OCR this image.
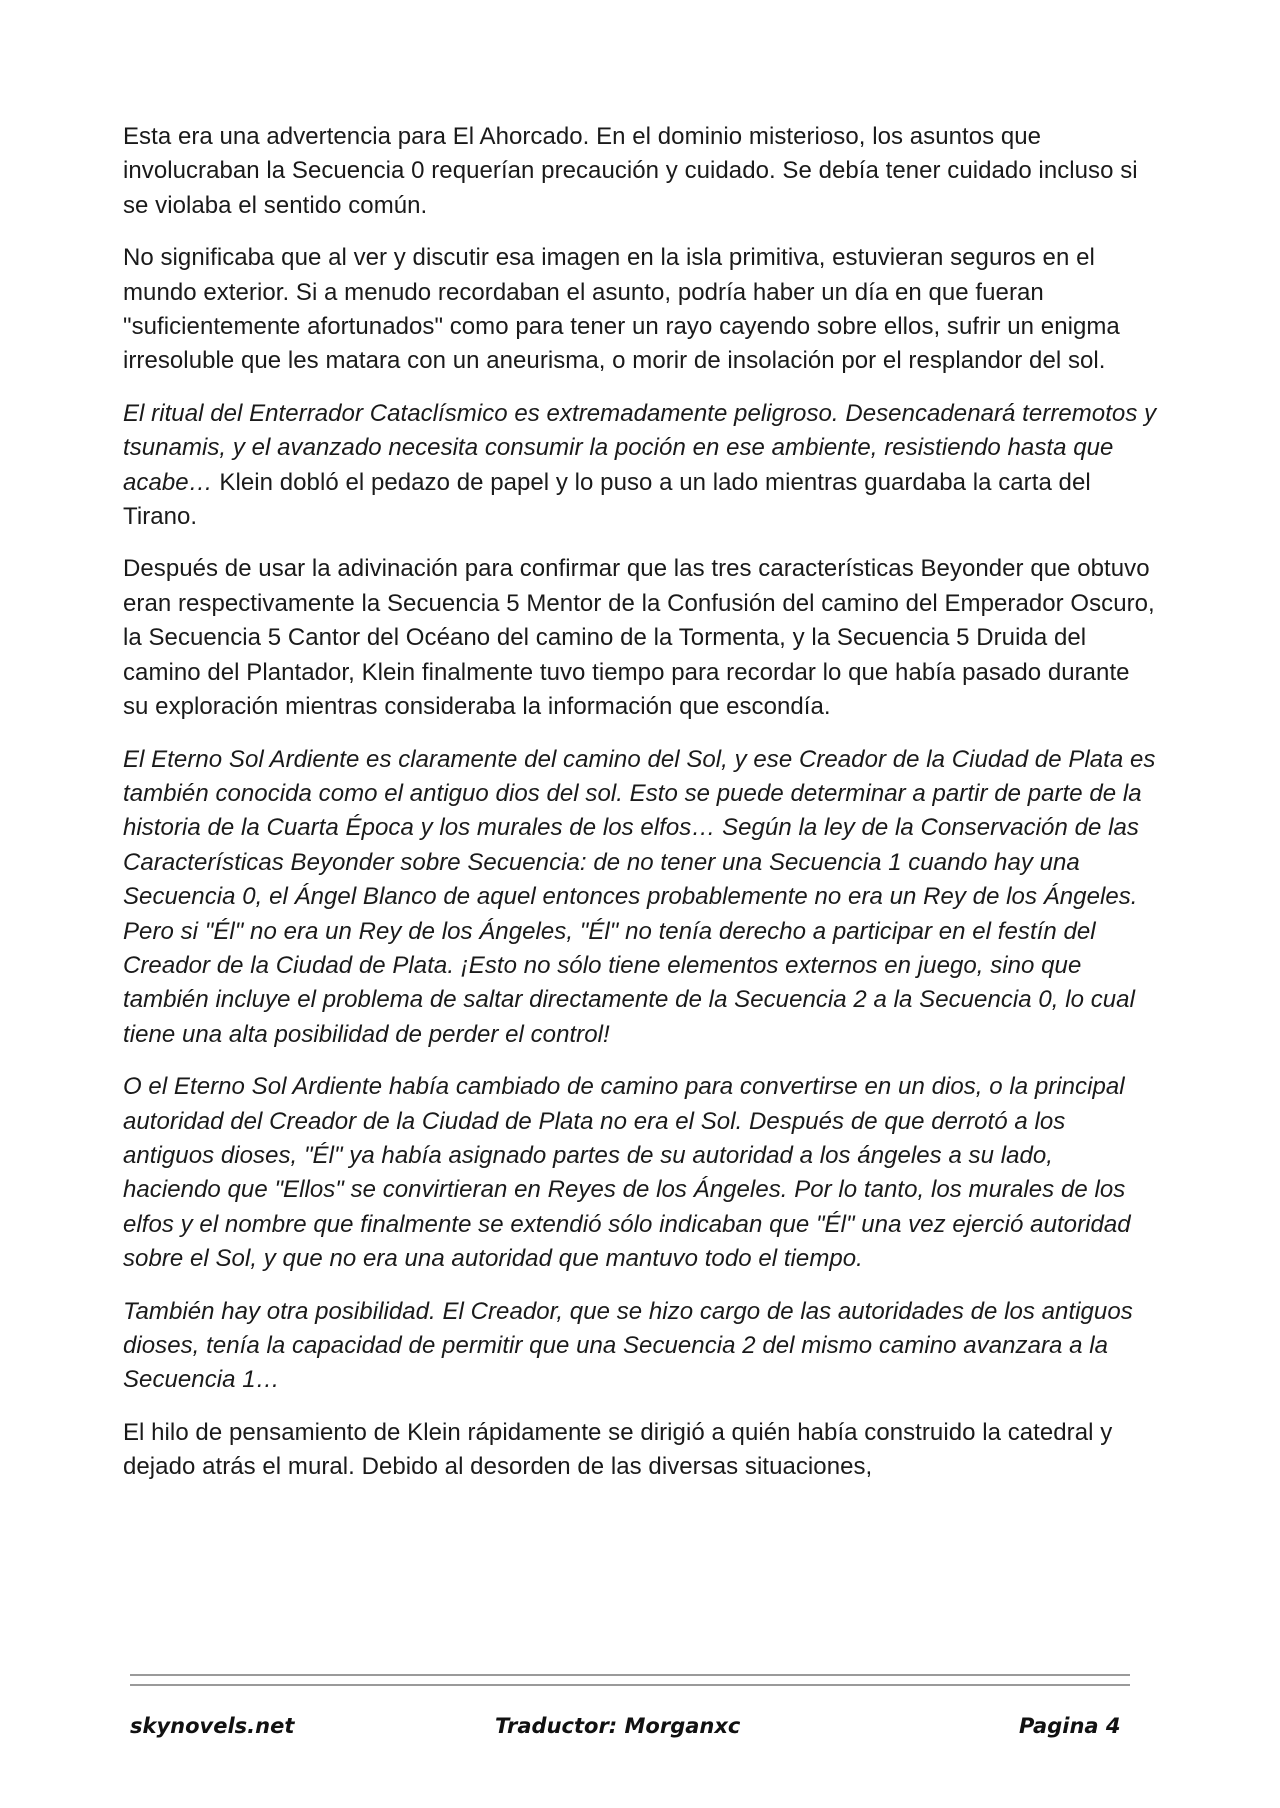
Esta era una advertencia para El Ahorcado. En el dominio misterioso, los asuntos que involucraban la Secuencia 0 requerían precaución y cuidado. Se debía tener cuidado incluso si se violaba el sentido común.

No significaba que al ver y discutir esa imagen en la isla primitiva, estuvieran seguros en el mundo exterior. Si a menudo recordaban el asunto, podría haber un día en que fueran "suficientemente afortunados" como para tener un rayo cayendo sobre ellos, sufrir un enigma irresoluble que les matara con un aneurisma, o morir de insolación por el resplandor del sol.

El ritual del Enterrador Cataclísmico es extremadamente peligroso. Desencadenará terremotos y tsunamis, y el avanzado necesita consumir la poción en ese ambiente, resistiendo hasta que acabe… Klein dobló el pedazo de papel y lo puso a un lado mientras guardaba la carta del Tirano.

Después de usar la adivinación para confirmar que las tres características Beyonder que obtuvo eran respectivamente la Secuencia 5 Mentor de la Confusión del camino del Emperador Oscuro, la Secuencia 5 Cantor del Océano del camino de la Tormenta, y la Secuencia 5 Druida del camino del Plantador, Klein finalmente tuvo tiempo para recordar lo que había pasado durante su exploración mientras consideraba la información que escondía.

El Eterno Sol Ardiente es claramente del camino del Sol, y ese Creador de la Ciudad de Plata es también conocida como el antiguo dios del sol. Esto se puede determinar a partir de parte de la historia de la Cuarta Época y los murales de los elfos… Según la ley de la Conservación de las Características Beyonder sobre Secuencia: de no tener una Secuencia 1 cuando hay una Secuencia 0, el Ángel Blanco de aquel entonces probablemente no era un Rey de los Ángeles. Pero si "Él" no era un Rey de los Ángeles, "Él" no tenía derecho a participar en el festín del Creador de la Ciudad de Plata. ¡Esto no sólo tiene elementos externos en juego, sino que también incluye el problema de saltar directamente de la Secuencia 2 a la Secuencia 0, lo cual tiene una alta posibilidad de perder el control!

O el Eterno Sol Ardiente había cambiado de camino para convertirse en un dios, o la principal autoridad del Creador de la Ciudad de Plata no era el Sol. Después de que derrotó a los antiguos dioses, "Él" ya había asignado partes de su autoridad a los ángeles a su lado, haciendo que "Ellos" se convirtieran en Reyes de los Ángeles. Por lo tanto, los murales de los elfos y el nombre que finalmente se extendió sólo indicaban que "Él" una vez ejerció autoridad sobre el Sol, y que no era una autoridad que mantuvo todo el tiempo.

También hay otra posibilidad. El Creador, que se hizo cargo de las autoridades de los antiguos dioses, tenía la capacidad de permitir que una Secuencia 2 del mismo camino avanzara a la Secuencia 1…

El hilo de pensamiento de Klein rápidamente se dirigió a quién había construido la catedral y dejado atrás el mural. Debido al desorden de las diversas situaciones,

skynovels.net	Traductor: Morganxc	Pagina 4
